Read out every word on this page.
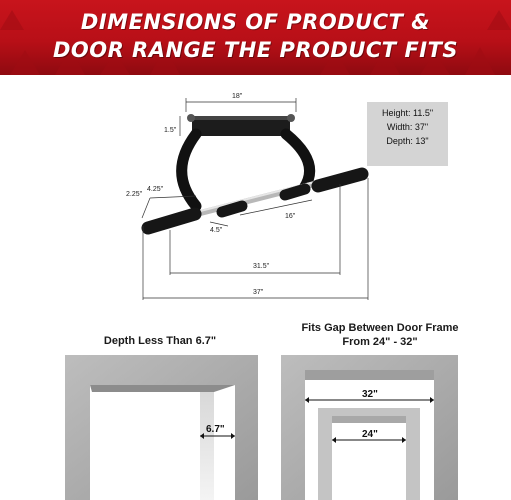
DIMENSIONS OF PRODUCT &
DOOR RANGE THE PRODUCT FITS
18"
1.5"
2.25"
4.25"
4.5"
16"
31.5"
37"
Height: 11.5"
Width: 37"
Depth: 13"
Depth Less Than 6.7"
Fits Gap Between Door Frame
From 24" - 32"
6.7"
32"
24"
